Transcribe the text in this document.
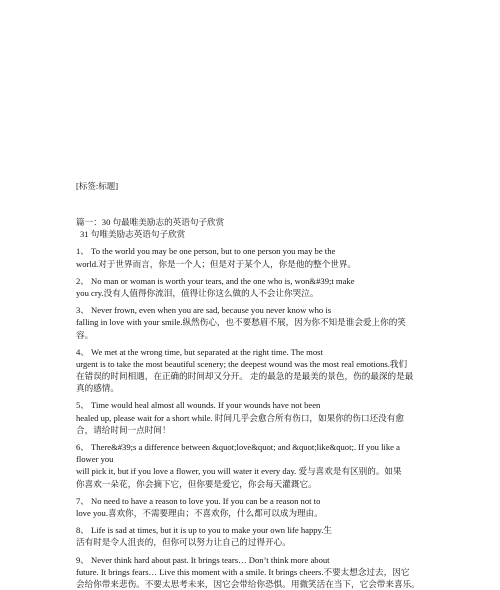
[标签:标题]
篇一：30 句最唯美励志的英语句子欣赏
31 句唯美励志英语句子欣赏
1、 To the world you may be one person, but to one person you may be the
world.对于世界而言，你是一个人；但是对于某个人，你是他的整个世界。
2、 No man or woman is worth your tears, and the one who is, won&#39;t make
you cry.没有人值得你流泪，值得让你这么做的人不会让你哭泣。
3、 Never frown, even when you are sad, because you never know who is
falling in love with your smile.纵然伤心，也不要愁眉不展，因为你不知是谁会爱上你的笑
容。
4、 We met at the wrong time, but separated at the right time. The most
urgent is to take the most beautiful scenery; the deepest wound was the most real emotions.我们
在错误的时间相遇，在正确的时间却又分开。 走的最急的是最美的景色，伤的最深的是最
真的感情。
5、 Time would heal almost all wounds. If your wounds have not been
healed up, please wait for a short while. 时间几乎会愈合所有伤口，如果你的伤口还没有愈
合，请给时间一点时间！
6、 There&#39;s a difference between &quot;love&quot; and &quot;like&quot;. If you like a
flower you
will pick it, but if you love a flower, you will water it every day. 爱与喜欢是有区别的。如果
你喜欢一朵花，你会摘下它，但你要是爱它，你会每天灌溉它。
7、 No need to have a reason to love you. If you can be a reason not to
love you.喜欢你，不需要理由；不喜欢你，什么都可以成为理由。
8、 Life is sad at times, but it is up to you to make your own life happy.生
活有时是令人沮丧的，但你可以努力让自己的过得开心。
9、 Never think hard about past. It brings tears… Don’t think more about
future. It brings fears… Live this moment with a smile. It brings cheers.不要太想念过去，因它
会给你带来悲伤。不要太思考未来，因它会带给你恐惧。用微笑活在当下，它会带来喜乐。
